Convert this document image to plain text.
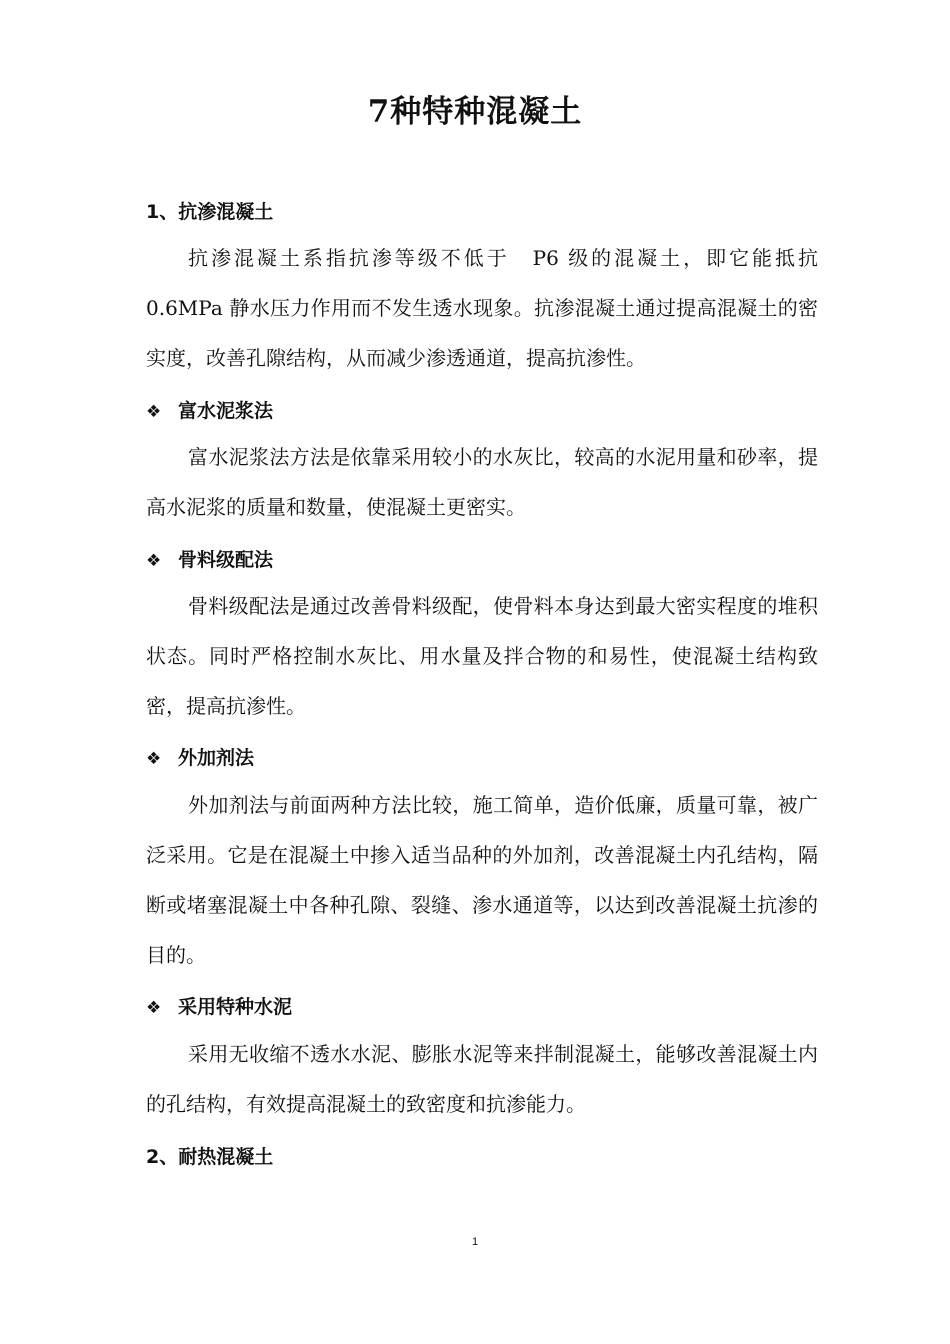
7种特种混凝土
1、抗渗混凝土

抗渗混凝土系指抗渗等级不低于　P6 级的混凝土，即它能抵抗 0.6MPa 静水压力作用而不发生透水现象。抗渗混凝土通过提高混凝土的密实度，改善孔隙结构，从而减少渗透通道，提高抗渗性。

❖ 富水泥浆法

富水泥浆法方法是依靠采用较小的水灰比，较高的水泥用量和砂率，提高水泥浆的质量和数量，使混凝土更密实。

❖ 骨料级配法

骨料级配法是通过改善骨料级配，使骨料本身达到最大密实程度的堆积状态。同时严格控制水灰比、用水量及拌合物的和易性，使混凝土结构致密，提高抗渗性。

❖ 外加剂法

外加剂法与前面两种方法比较，施工简单，造价低廉，质量可靠，被广泛采用。它是在混凝土中掺入适当品种的外加剂，改善混凝土内孔结构，隔断或堵塞混凝土中各种孔隙、裂缝、渗水通道等，以达到改善混凝土抗渗的目的。

❖ 采用特种水泥

采用无收缩不透水水泥、膨胀水泥等来拌制混凝土，能够改善混凝土内的孔结构，有效提高混凝土的致密度和抗渗能力。

2、耐热混凝土
1
